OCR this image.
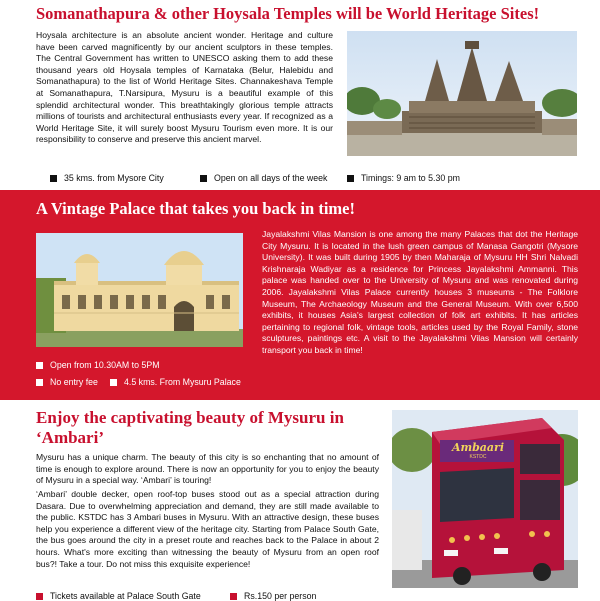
Somanathapura & other Hoysala Temples will be World Heritage Sites!
Hoysala architecture is an absolute ancient wonder. Heritage and culture have been carved magnificently by our ancient sculptors in these temples. The Central Government has written to UNESCO asking them to add these thousand years old Hoysala temples of Karnataka (Belur, Halebidu and Somanathapura) to the list of World Heritage Sites. Channakeshava Temple at Somanathapura, T.Narsipura, Mysuru is a beautiful example of this splendid architectural wonder. This breathtakingly glorious temple attracts millions of tourists and architectural enthusiasts every year. If recognized as a World Heritage Site, it will surely boost Mysuru Tourism even more. It is our responsibility to conserve and preserve this ancient marvel.
35 kms. from Mysore City	Open on all days of the week	Timings: 9 am to 5.30 pm
A Vintage Palace that takes you back in time!
Open from 10.30AM to 5PM
No entry fee	4.5 kms. From Mysuru Palace
Jayalakshmi Vilas Mansion is one among the many Palaces that dot the Heritage City Mysuru. It is located in the lush green campus of Manasa Gangotri (Mysore University). It was built during 1905 by then Maharaja of Mysuru HH Shri Nalvadi Krishnaraja Wadiyar as a residence for Princess Jayalakshmi Ammanni. This palace was handed over to the University of Mysuru and was renovated during 2006. Jayalakshmi Vilas Palace currently houses 3 museums - The Folklore Museum, The Archaeology Museum and the General Museum. With over 6,500 exhibits, it houses Asia's largest collection of folk art exhibits. It has articles pertaining to regional folk, vintage tools, articles used by the Royal Family, stone sculptures, paintings etc. A visit to the Jayalakshmi Vilas Mansion will certainly transport you back in time!
Enjoy the captivating beauty of Mysuru in
‘Ambari’
Mysuru has a unique charm. The beauty of this city is so enchanting that no amount of time is enough to explore around. There is now an opportunity for you to enjoy the beauty of Mysuru in a special way. ‘Ambari’ is touring!
‘Ambari’ double decker, open roof-top buses stood out as a special attraction during Dasara. Due to overwhelming appreciation and demand, they are still made available to the public. KSTDC has 3 Ambari buses in Mysuru. With an attractive design, these buses help you experience a different view of the heritage city. Starting from Palace South Gate, the bus goes around the city in a preset route and reaches back to the Palace in about 2 hours. What's more exciting than witnessing the beauty of Mysuru from an open roof bus?! Take a tour. Do not miss this exquisite experience!
Ambaari
KSTDC
Tickets available at Palace South Gate	Rs.150 per person
